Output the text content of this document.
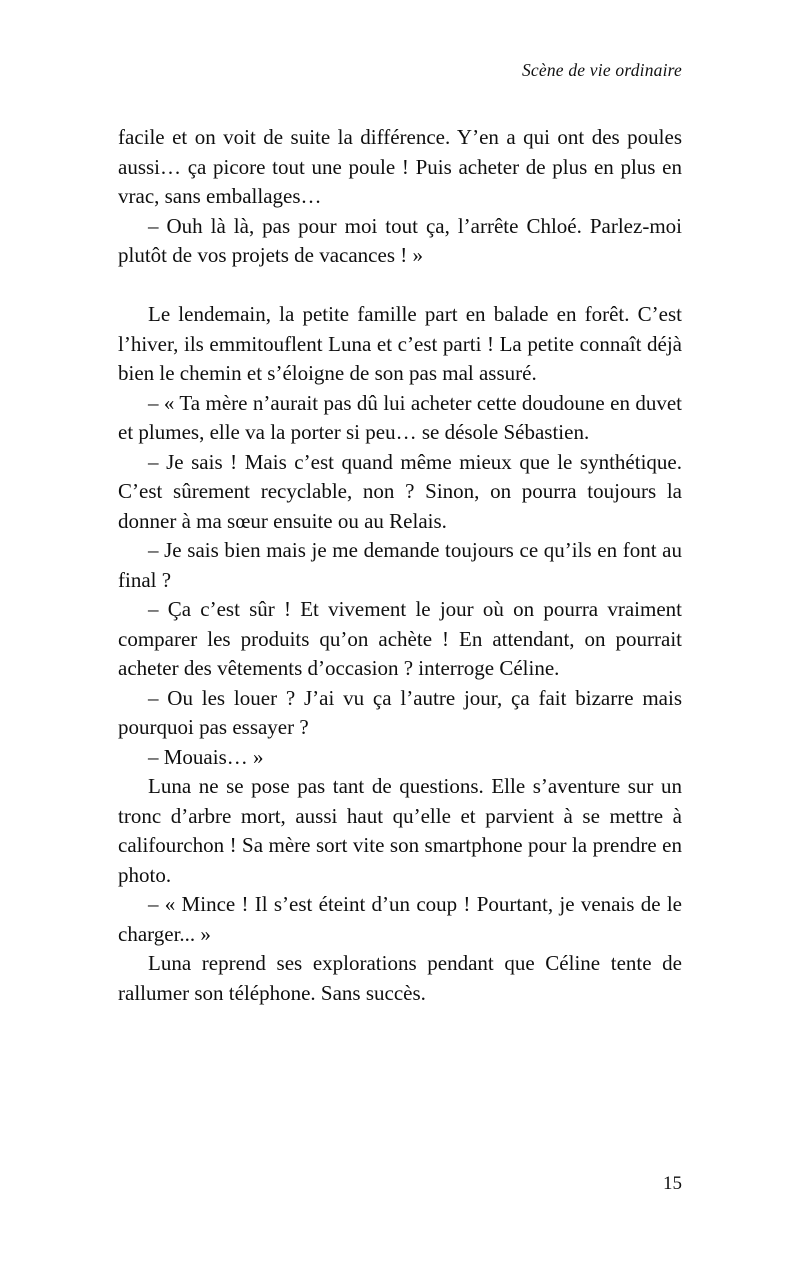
Scène de vie ordinaire

facile et on voit de suite la différence. Y’en a qui ont des poules aussi… ça picore tout une poule ! Puis acheter de plus en plus en vrac, sans emballages…

– Ouh là là, pas pour moi tout ça, l’arrête Chloé. Parlez-moi plutôt de vos projets de vacances ! »

Le lendemain, la petite famille part en balade en forêt. C’est l’hiver, ils emmitouflent Luna et c’est parti ! La petite connaît déjà bien le chemin et s’éloigne de son pas mal assuré.

– « Ta mère n’aurait pas dû lui acheter cette doudoune en duvet et plumes, elle va la porter si peu… se désole Sébastien.

– Je sais ! Mais c’est quand même mieux que le synthétique. C’est sûrement recyclable, non ? Sinon, on pourra toujours la donner à ma sœur ensuite ou au Relais.

– Je sais bien mais je me demande toujours ce qu’ils en font au final ?

– Ça c’est sûr ! Et vivement le jour où on pourra vraiment comparer les produits qu’on achète ! En attendant, on pourrait acheter des vêtements d’occasion ? interroge Céline.

– Ou les louer ? J’ai vu ça l’autre jour, ça fait bizarre mais pourquoi pas essayer ?

– Mouais… »

Luna ne se pose pas tant de questions. Elle s’aventure sur un tronc d’arbre mort, aussi haut qu’elle et parvient à se mettre à califourchon ! Sa mère sort vite son smartphone pour la prendre en photo.

– « Mince ! Il s’est éteint d’un coup ! Pourtant, je venais de le charger... »

Luna reprend ses explorations pendant que Céline tente de rallumer son téléphone. Sans succès.

15
